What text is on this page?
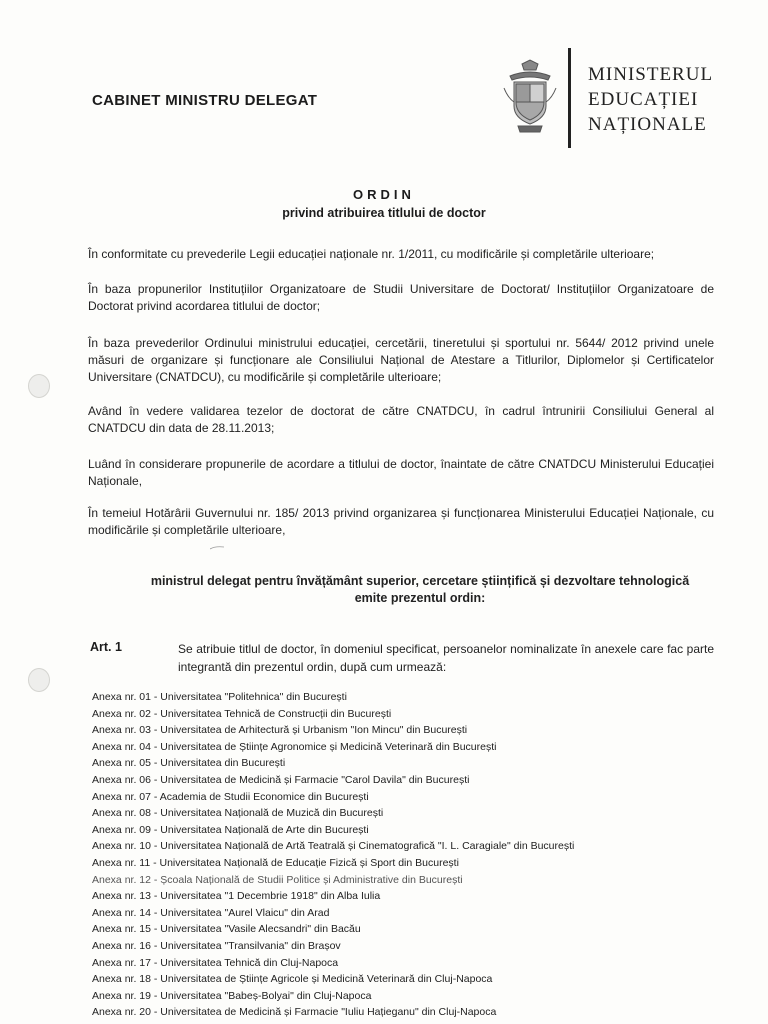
CABINET MINISTRU DELEGAT
MINISTERUL
EDUCAȚIEI
NAȚIONALE
ORDIN
privind atribuirea titlului de doctor
În conformitate cu prevederile Legii educației naționale nr. 1/2011, cu modificările și completările ulterioare;
În baza propunerilor Instituțiilor Organizatoare de Studii Universitare de Doctorat/ Instituțiilor Organizatoare de Doctorat privind acordarea titlului de doctor;
În baza prevederilor Ordinului ministrului educației, cercetării, tineretului și sportului nr. 5644/ 2012 privind unele măsuri de organizare și funcționare ale Consiliului Național de Atestare a Titlurilor, Diplomelor și Certificatelor Universitare (CNATDCU), cu modificările și completările ulterioare;
Având în vedere validarea tezelor de doctorat de către CNATDCU, în cadrul întrunirii Consiliului General al CNATDCU din data de 28.11.2013;
Luând în considerare propunerile de acordare a titlului de doctor, înaintate de către CNATDCU Ministerului Educației Naționale,
În temeiul Hotărârii Guvernului nr. 185/ 2013 privind organizarea și funcționarea Ministerului Educației Naționale, cu modificările și completările ulterioare,
ministrul delegat pentru învățământ superior, cercetare științifică și dezvoltare tehnologică
emite prezentul ordin:
Art. 1	Se atribuie titlul de doctor, în domeniul specificat, persoanelor nominalizate în anexele care fac parte integrantă din prezentul ordin, după cum urmează:
Anexa nr. 01 - Universitatea "Politehnica" din București
Anexa nr. 02 - Universitatea Tehnică de Construcții din București
Anexa nr. 03 - Universitatea de Arhitectură și Urbanism "Ion Mincu" din București
Anexa nr. 04 - Universitatea de Științe Agronomice și Medicină Veterinară din București
Anexa nr. 05 - Universitatea din București
Anexa nr. 06 - Universitatea de Medicină și Farmacie "Carol Davila" din București
Anexa nr. 07 - Academia de Studii Economice din București
Anexa nr. 08 - Universitatea Națională de Muzică din București
Anexa nr. 09 - Universitatea Națională de Arte din București
Anexa nr. 10 - Universitatea Națională de Artă Teatrală și Cinematografică "I. L. Caragiale" din București
Anexa nr. 11 - Universitatea Națională de Educație Fizică și Sport din București
Anexa nr. 12 - Școala Națională de Studii Politice și Administrative din București
Anexa nr. 13 - Universitatea "1 Decembrie 1918" din Alba Iulia
Anexa nr. 14 - Universitatea "Aurel Vlaicu" din Arad
Anexa nr. 15 - Universitatea "Vasile Alecsandri" din Bacău
Anexa nr. 16 - Universitatea "Transilvania" din Brașov
Anexa nr. 17 - Universitatea Tehnică din Cluj-Napoca
Anexa nr. 18 - Universitatea de Științe Agricole și Medicină Veterinară din Cluj-Napoca
Anexa nr. 19 - Universitatea "Babeș-Bolyai" din Cluj-Napoca
Anexa nr. 20 - Universitatea de Medicină și Farmacie "Iuliu Hațieganu" din Cluj-Napoca
